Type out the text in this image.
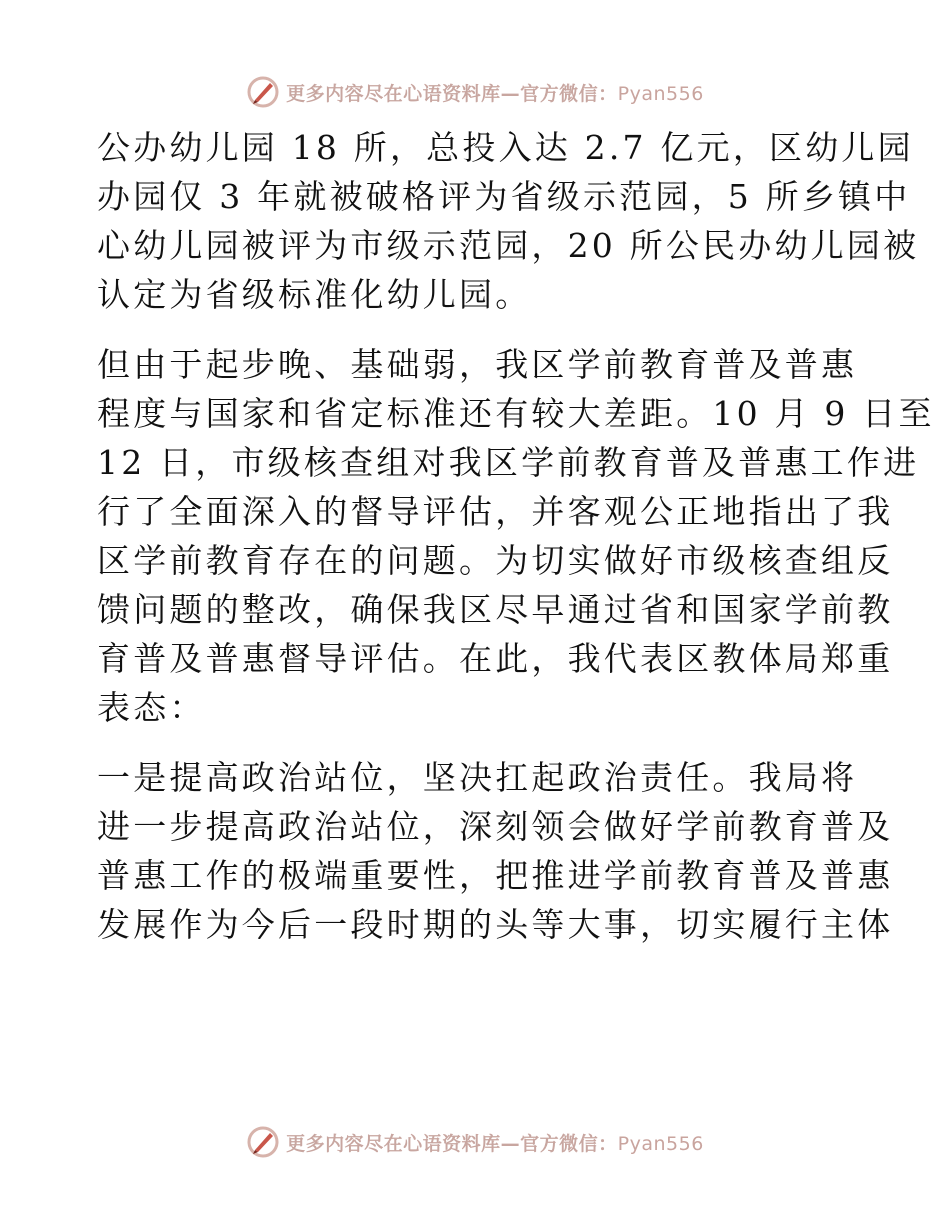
更多内容尽在心语资料库—官方微信：Pyan556
公办幼儿园 18 所，总投入达 2.7 亿元，区幼儿园
办园仅 3 年就被破格评为省级示范园，5 所乡镇中
心幼儿园被评为市级示范园，20 所公民办幼儿园被
认定为省级标准化幼儿园。
但由于起步晚、基础弱，我区学前教育普及普惠
程度与国家和省定标准还有较大差距。10 月 9 日至
12 日，市级核查组对我区学前教育普及普惠工作进
行了全面深入的督导评估，并客观公正地指出了我
区学前教育存在的问题。为切实做好市级核查组反
馈问题的整改，确保我区尽早通过省和国家学前教
育普及普惠督导评估。在此，我代表区教体局郑重
表态：
一是提高政治站位，坚决扛起政治责任。我局将
进一步提高政治站位，深刻领会做好学前教育普及
普惠工作的极端重要性，把推进学前教育普及普惠
发展作为今后一段时期的头等大事，切实履行主体
更多内容尽在心语资料库—官方微信：Pyan556
